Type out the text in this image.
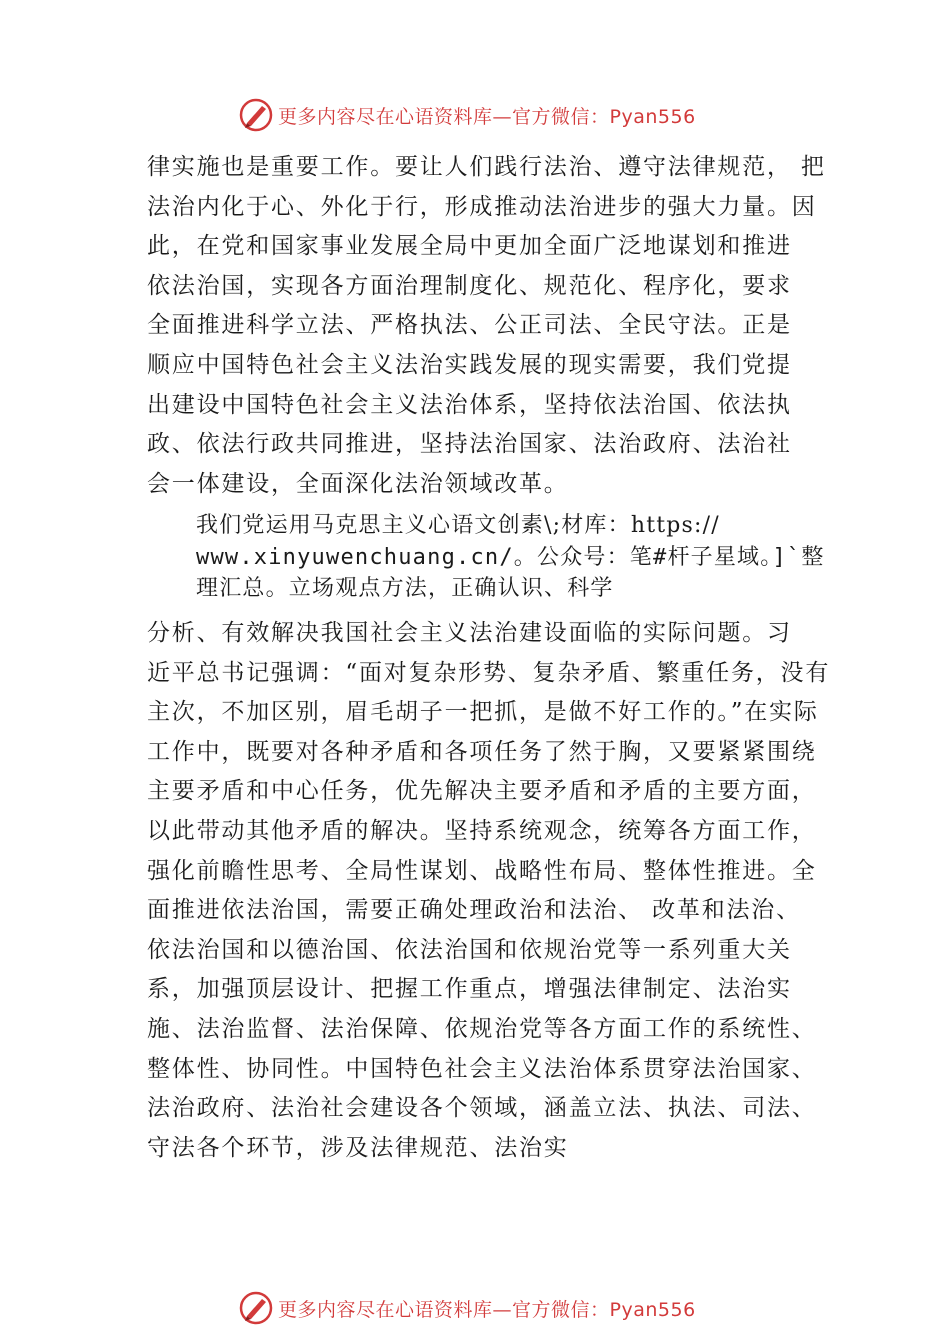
更多内容尽在心语资料库—官方微信：Pyan556
律实施也是重要工作。要让人们践行法治、遵守法律规范， 把
法治内化于心、外化于行，形成推动法治进步的强大力量。因
此，在党和国家事业发展全局中更加全面广泛地谋划和推进
依法治国，实现各方面治理制度化、规范化、程序化，要求
全面推进科学立法、严格执法、公正司法、全民守法。正是
顺应中国特色社会主义法治实践发展的现实需要，我们党提
出建设中国特色社会主义法治体系，坚持依法治国、依法执
政、依法行政共同推进，坚持法治国家、法治政府、法治社
会一体建设，全面深化法治领域改革。
我们党运用马克思主义心语文创素\;材库：https://
www.xinyuwenchuang.cn/。公众号：笔#杆子星域。]`整
理汇总。立场观点方法，正确认识、科学
分析、有效解决我国社会主义法治建设面临的实际问题。习
近平总书记强调：“面对复杂形势、复杂矛盾、繁重任务，没有
主次，不加区别，眉毛胡子一把抓，是做不好工作的。”在实际
工作中，既要对各种矛盾和各项任务了然于胸，又要紧紧围绕
主要矛盾和中心任务，优先解决主要矛盾和矛盾的主要方面，
以此带动其他矛盾的解决。坚持系统观念，统筹各方面工作，
强化前瞻性思考、全局性谋划、战略性布局、整体性推进。全
面推进依法治国，需要正确处理政治和法治、 改革和法治、
依法治国和以德治国、依法治国和依规治党等一系列重大关
系，加强顶层设计、把握工作重点，增强法律制定、法治实
施、法治监督、法治保障、依规治党等各方面工作的系统性、
整体性、协同性。中国特色社会主义法治体系贯穿法治国家、
法治政府、法治社会建设各个领域，涵盖立法、执法、司法、
守法各个环节，涉及法律规范、法治实
更多内容尽在心语资料库—官方微信：Pyan556
